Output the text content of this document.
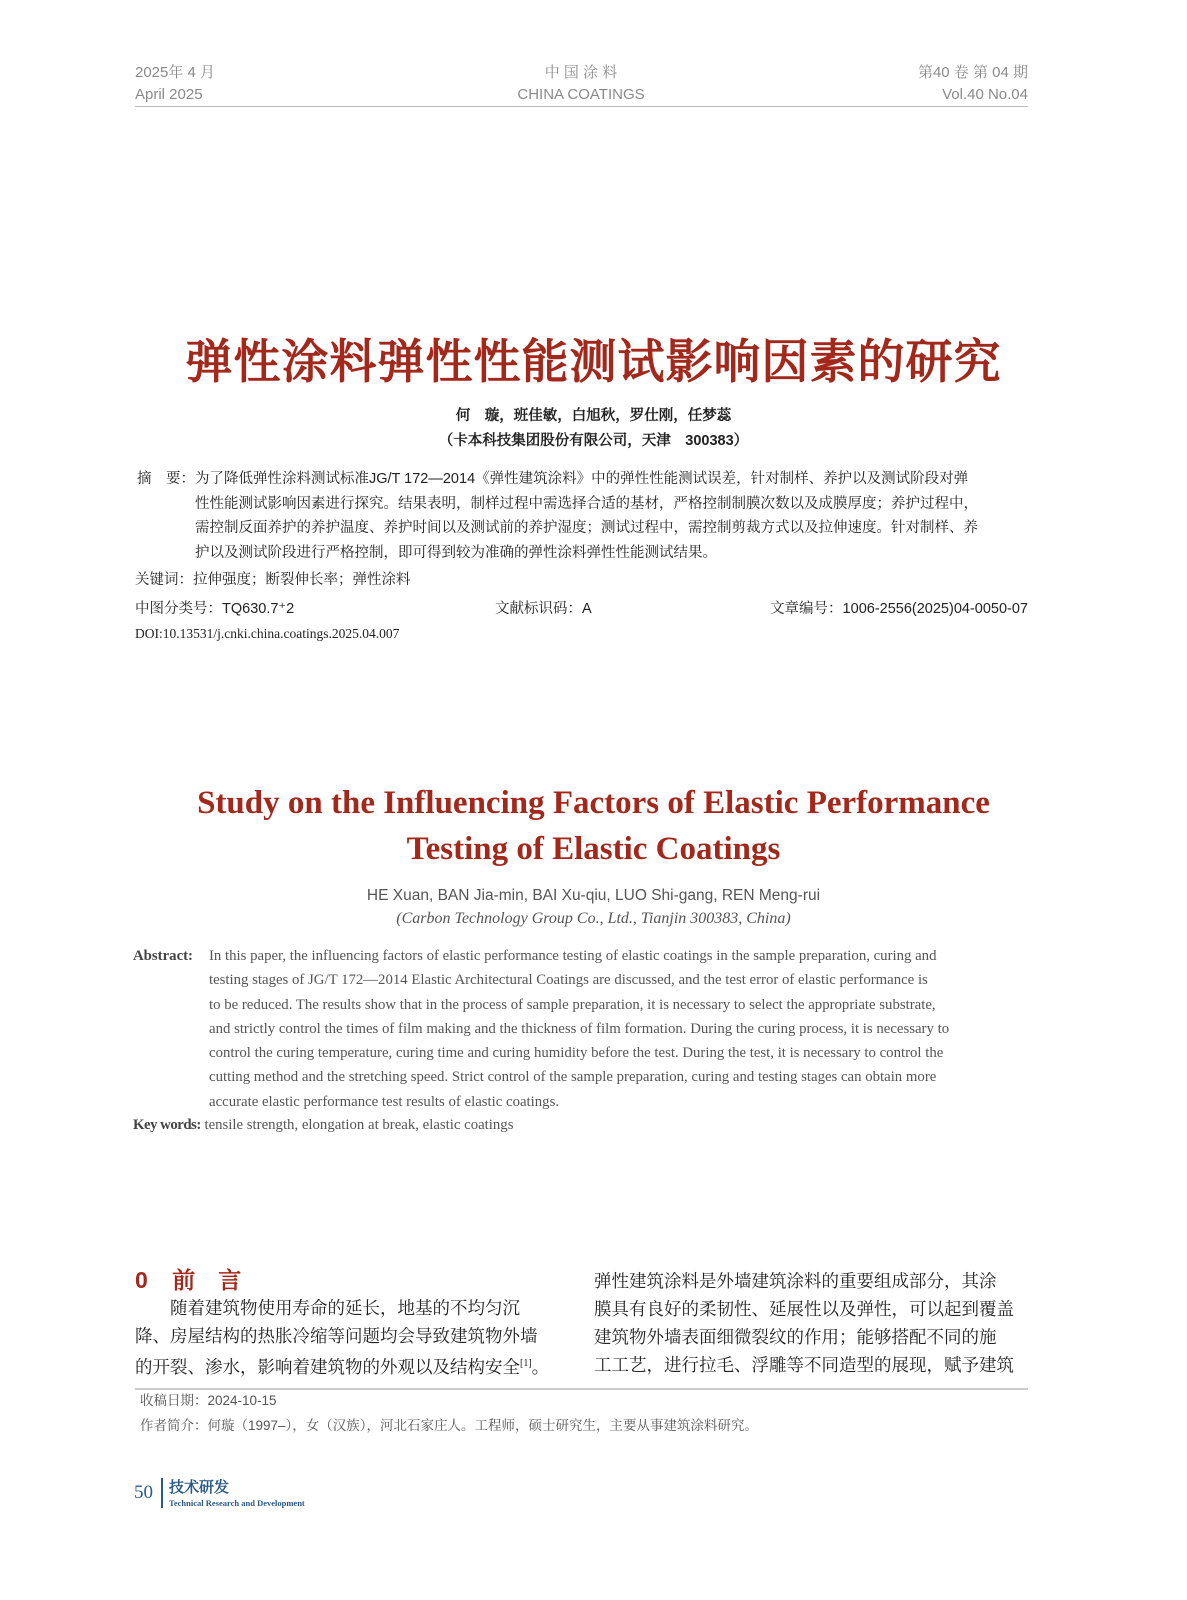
2025年 4 月
April 2025
中 国 涂 料
CHINA COATINGS
第40 卷 第 04 期
Vol.40 No.04
弹性涂料弹性性能测试影响因素的研究
何　璇，班佳敏，白旭秋，罗仕刚，任梦蕊
（卡本科技集团股份有限公司，天津　300383）
摘　要： 为了降低弹性涂料测试标准JG/T 172—2014《弹性建筑涂料》中的弹性性能测试误差，针对制样、养护以及测试阶段对弹
性性能测试影响因素进行探究。结果表明，制样过程中需选择合适的基材，严格控制制膜次数以及成膜厚度；养护过程中，
需控制反面养护的养护温度、养护时间以及测试前的养护湿度；测试过程中，需控制剪裁方式以及拉伸速度。针对制样、养
护以及测试阶段进行严格控制，即可得到较为准确的弹性涂料弹性性能测试结果。
关键词：拉伸强度；断裂伸长率；弹性涂料
中图分类号：TQ630.7⁺2	文献标识码：A	文章编号：1006-2556(2025)04-0050-07
DOI:10.13531/j.cnki.china.coatings.2025.04.007
Study on the Influencing Factors of Elastic Performance
Testing of Elastic Coatings
HE Xuan, BAN Jia-min, BAI Xu-qiu, LUO Shi-gang, REN Meng-rui
(Carbon Technology Group Co., Ltd., Tianjin 300383, China)
Abstract: In this paper, the influencing factors of elastic performance testing of elastic coatings in the sample preparation, curing and
testing stages of JG/T 172—2014 Elastic Architectural Coatings are discussed, and the test error of elastic performance is
to be reduced. The results show that in the process of sample preparation, it is necessary to select the appropriate substrate,
and strictly control the times of film making and the thickness of film formation. During the curing process, it is necessary to
control the curing temperature, curing time and curing humidity before the test. During the test, it is necessary to control the
cutting method and the stretching speed. Strict control of the sample preparation, curing and testing stages can obtain more
accurate elastic performance test results of elastic coatings.
Key words: tensile strength, elongation at break, elastic coatings
0 前　言
　　随着建筑物使用寿命的延长，地基的不均匀沉
降、房屋结构的热胀冷缩等问题均会导致建筑物外墙
的开裂、渗水，影响着建筑物的外观以及结构安全[1]。
弹性建筑涂料是外墙建筑涂料的重要组成部分，其涂
膜具有良好的柔韧性、延展性以及弹性，可以起到覆盖
建筑物外墙表面细微裂纹的作用；能够搭配不同的施
工工艺，进行拉毛、浮雕等不同造型的展现，赋予建筑
收稿日期：2024-10-15
作者简介：何璇（1997–），女（汉族），河北石家庄人。工程师，硕士研究生，主要从事建筑涂料研究。
50 技术研发
Technical Research and Development
